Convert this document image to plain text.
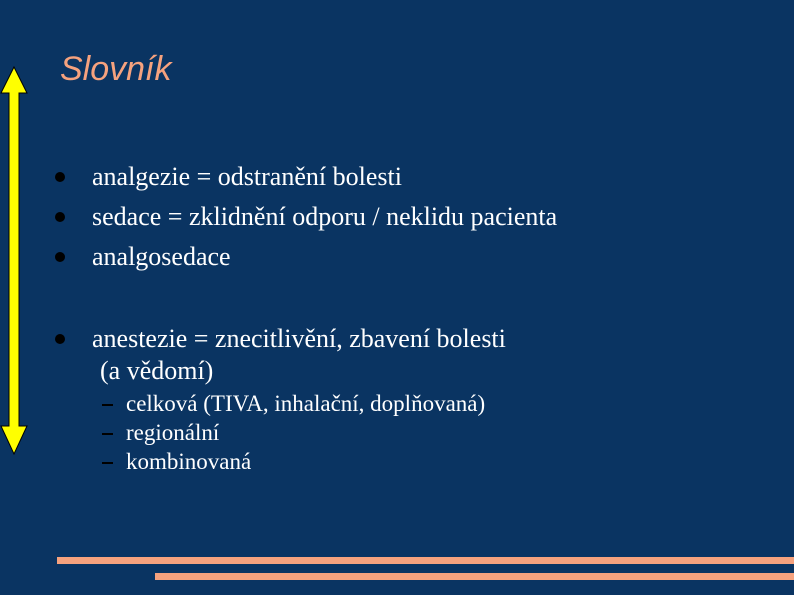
Slovník
analgezie = odstranění bolesti
sedace = zklidnění odporu / neklidu pacienta
analgosedace
anestezie = znecitlivění, zbavení bolesti
(a vědomí)
celková (TIVA, inhalační, doplňovaná)
regionální
kombinovaná
